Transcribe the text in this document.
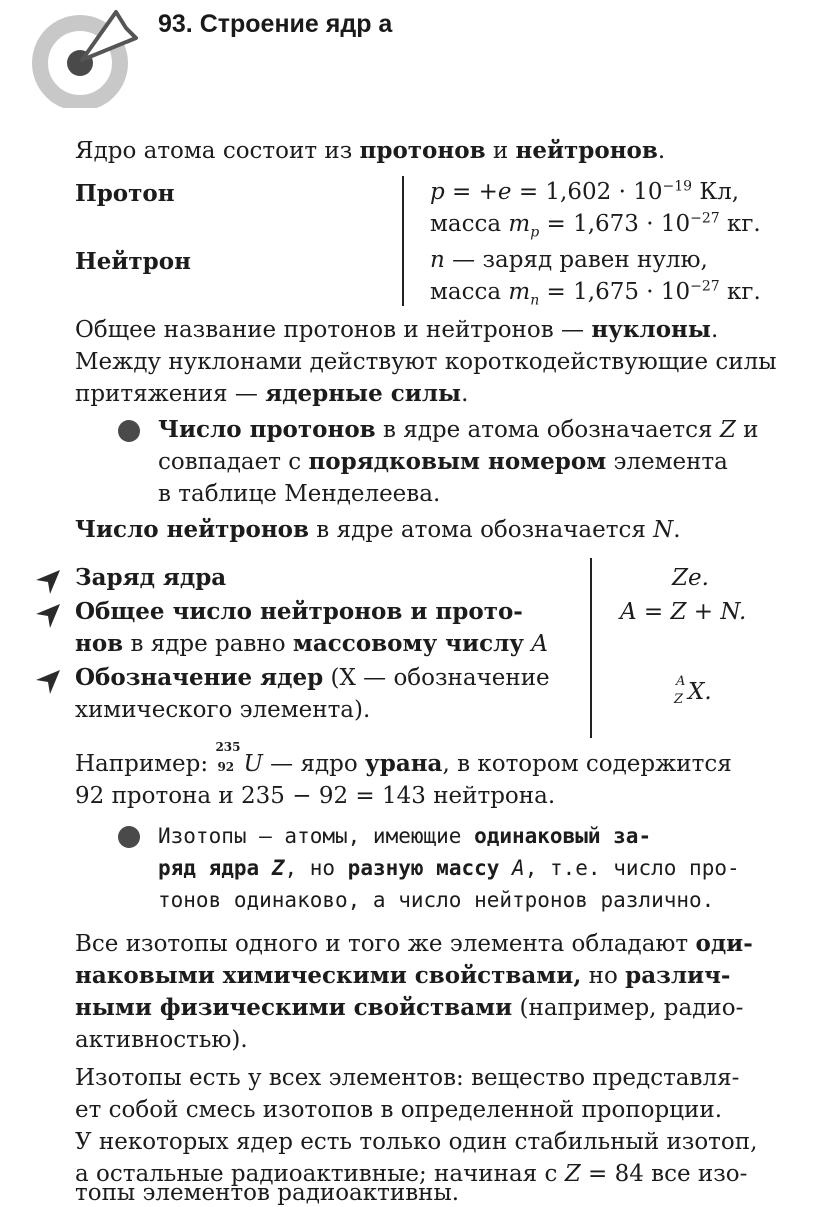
93. Строение ядр а
Ядро атома состоит из протонов и нейтронов.
Протон
Нейтрон
$p = +e = 1,602 \cdot 10^{-19}$ Кл,
масса $m_p = 1,673 \cdot 10^{-27}$ кг.
n — заряд равен нулю,
масса $m_n = 1,675 \cdot 10^{-27}$ кг.
Общее название протонов и нейтронов — нуклоны.
Между нуклонами действуют короткодействующие силы
притяжения — ядерные силы.
Число протонов в ядре атома обозначается Z и
совпадает с порядковым номером элемента
в таблице Менделеева.
Число нейтронов в ядре атома обозначается N.
Заряд ядра	Ze.
Общее число нейтронов и прото-
нов в ядре равно массовому числу A
A = Z + N.
Обозначение ядер (X — обозначение
химического элемента).
A
Z X.
Например:
235
92 U — ядро урана, в котором содержится
92 протона и 235 − 92 = 143 нейтрона.
Изотопы — атомы, имеющие одинаковый за-
ряд ядра Z, но разную массу A, т.е. число про-
тонов одинаково, а число нейтронов различно.
Все изотопы одного и того же элемента обладают оди-
наковыми химическими свойствами, но различ-
ными физическими свойствами (например, радио-
активностью).
Изотопы есть у всех элементов: вещество представля-
ет собой смесь изотопов в определенной пропорции.
У некоторых ядер есть только один стабильный изотоп,
а остальные радиоактивные; начиная с Z = 84 все изо-
топы элементов радиоактивны.
